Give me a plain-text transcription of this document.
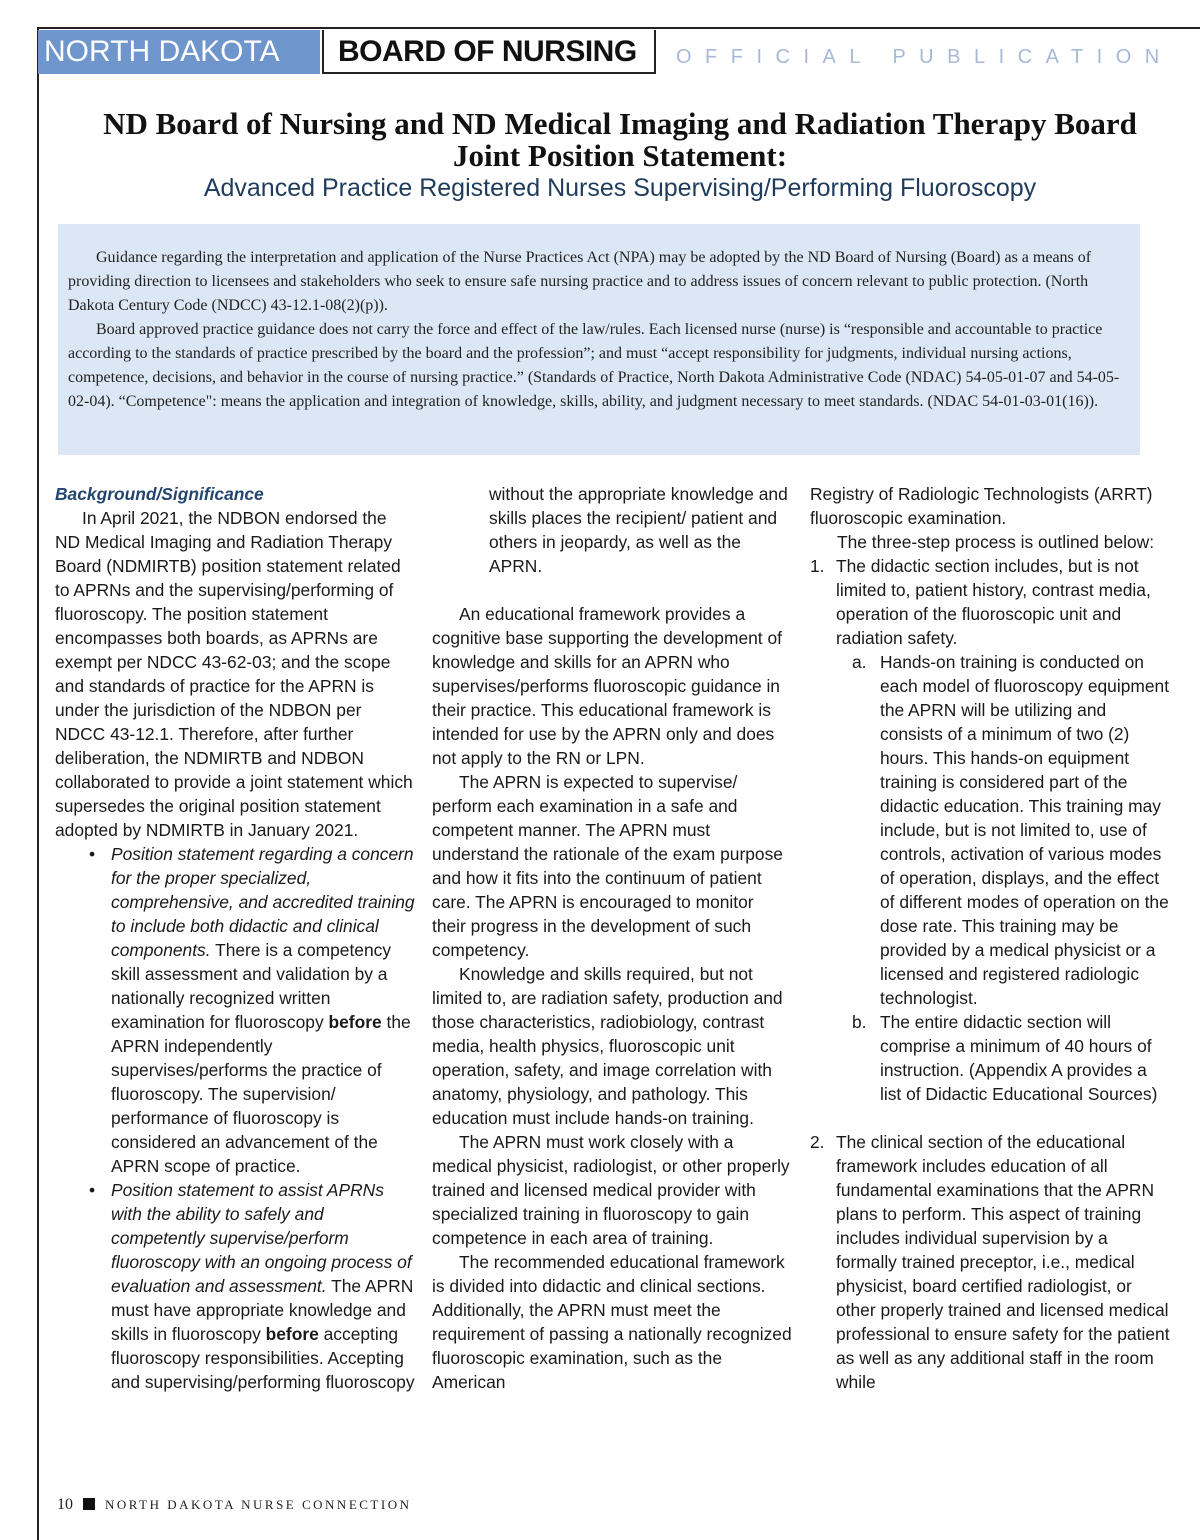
NORTH DAKOTA	BOARD OF NURSING	OFFICIAL PUBLICATION
ND Board of Nursing and ND Medical Imaging and Radiation Therapy Board
Joint Position Statement:
Advanced Practice Registered Nurses Supervising/Performing Fluoroscopy

Guidance regarding the interpretation and application of the Nurse Practices Act (NPA) may be adopted by the ND Board of Nursing (Board) as a means of providing direction to licensees and stakeholders who seek to ensure safe nursing practice and to address issues of concern relevant to public protection. (North Dakota Century Code (NDCC) 43-12.1-08(2)(p)).

Board approved practice guidance does not carry the force and effect of the law/rules. Each licensed nurse (nurse) is “responsible and accountable to practice according to the standards of practice prescribed by the board and the profession”; and must “accept responsibility for judgments, individual nursing actions, competence, decisions, and behavior in the course of nursing practice.” (Standards of Practice, North Dakota Administrative Code (NDAC) 54-05-01-07 and 54-05-02-04). “Competence": means the application and integration of knowledge, skills, ability, and judgment necessary to meet standards. (NDAC 54-01-03-01(16)).

Background/Significance

In April 2021, the NDBON endorsed the ND Medical Imaging and Radiation Therapy Board (NDMIRTB) position statement related to APRNs and the supervising/performing of fluoroscopy. The position statement encompasses both boards, as APRNs are exempt per NDCC 43-62-03; and the scope and standards of practice for the APRN is under the jurisdiction of the NDBON per NDCC 43-12.1. Therefore, after further deliberation, the NDMIRTB and NDBON collaborated to provide a joint statement which supersedes the original position statement adopted by NDMIRTB in January 2021.

• Position statement regarding a concern for the proper specialized, comprehensive, and accredited training to include both didactic and clinical components. There is a competency skill assessment and validation by a nationally recognized written examination for fluoroscopy before the APRN independently supervises/performs the practice of fluoroscopy. The supervision/ performance of fluoroscopy is considered an advancement of the APRN scope of practice.
• Position statement to assist APRNs with the ability to safely and competently supervise/perform fluoroscopy with an ongoing process of evaluation and assessment. The APRN must have appropriate knowledge and skills in fluoroscopy before accepting fluoroscopy responsibilities. Accepting and supervising/performing fluoroscopy

without the appropriate knowledge and skills places the recipient/ patient and others in jeopardy, as well as the APRN.

An educational framework provides a cognitive base supporting the development of knowledge and skills for an APRN who supervises/performs fluoroscopic guidance in their practice. This educational framework is intended for use by the APRN only and does not apply to the RN or LPN.

The APRN is expected to supervise/ perform each examination in a safe and competent manner. The APRN must understand the rationale of the exam purpose and how it fits into the continuum of patient care. The APRN is encouraged to monitor their progress in the development of such competency.

Knowledge and skills required, but not limited to, are radiation safety, production and those characteristics, radiobiology, contrast media, health physics, fluoroscopic unit operation, safety, and image correlation with anatomy, physiology, and pathology. This education must include hands-on training.

The APRN must work closely with a medical physicist, radiologist, or other properly trained and licensed medical provider with specialized training in fluoroscopy to gain competence in each area of training.

The recommended educational framework is divided into didactic and clinical sections. Additionally, the APRN must meet the requirement of passing a nationally recognized fluoroscopic examination, such as the American

Registry of Radiologic Technologists (ARRT) fluoroscopic examination.

The three-step process is outlined below:

1. The didactic section includes, but is not limited to, patient history, contrast media, operation of the fluoroscopic unit and radiation safety.
a. Hands-on training is conducted on each model of fluoroscopy equipment the APRN will be utilizing and consists of a minimum of two (2) hours. This hands-on equipment training is considered part of the didactic education. This training may include, but is not limited to, use of controls, activation of various modes of operation, displays, and the effect of different modes of operation on the dose rate. This training may be provided by a medical physicist or a licensed and registered radiologic technologist.
b. The entire didactic section will comprise a minimum of 40 hours of instruction. (Appendix A provides a list of Didactic Educational Sources)
2. The clinical section of the educational framework includes education of all fundamental examinations that the APRN plans to perform. This aspect of training includes individual supervision by a formally trained preceptor, i.e., medical physicist, board certified radiologist, or other properly trained and licensed medical professional to ensure safety for the patient as well as any additional staff in the room while
10 NORTH DAKOTA NURSE CONNECTION
